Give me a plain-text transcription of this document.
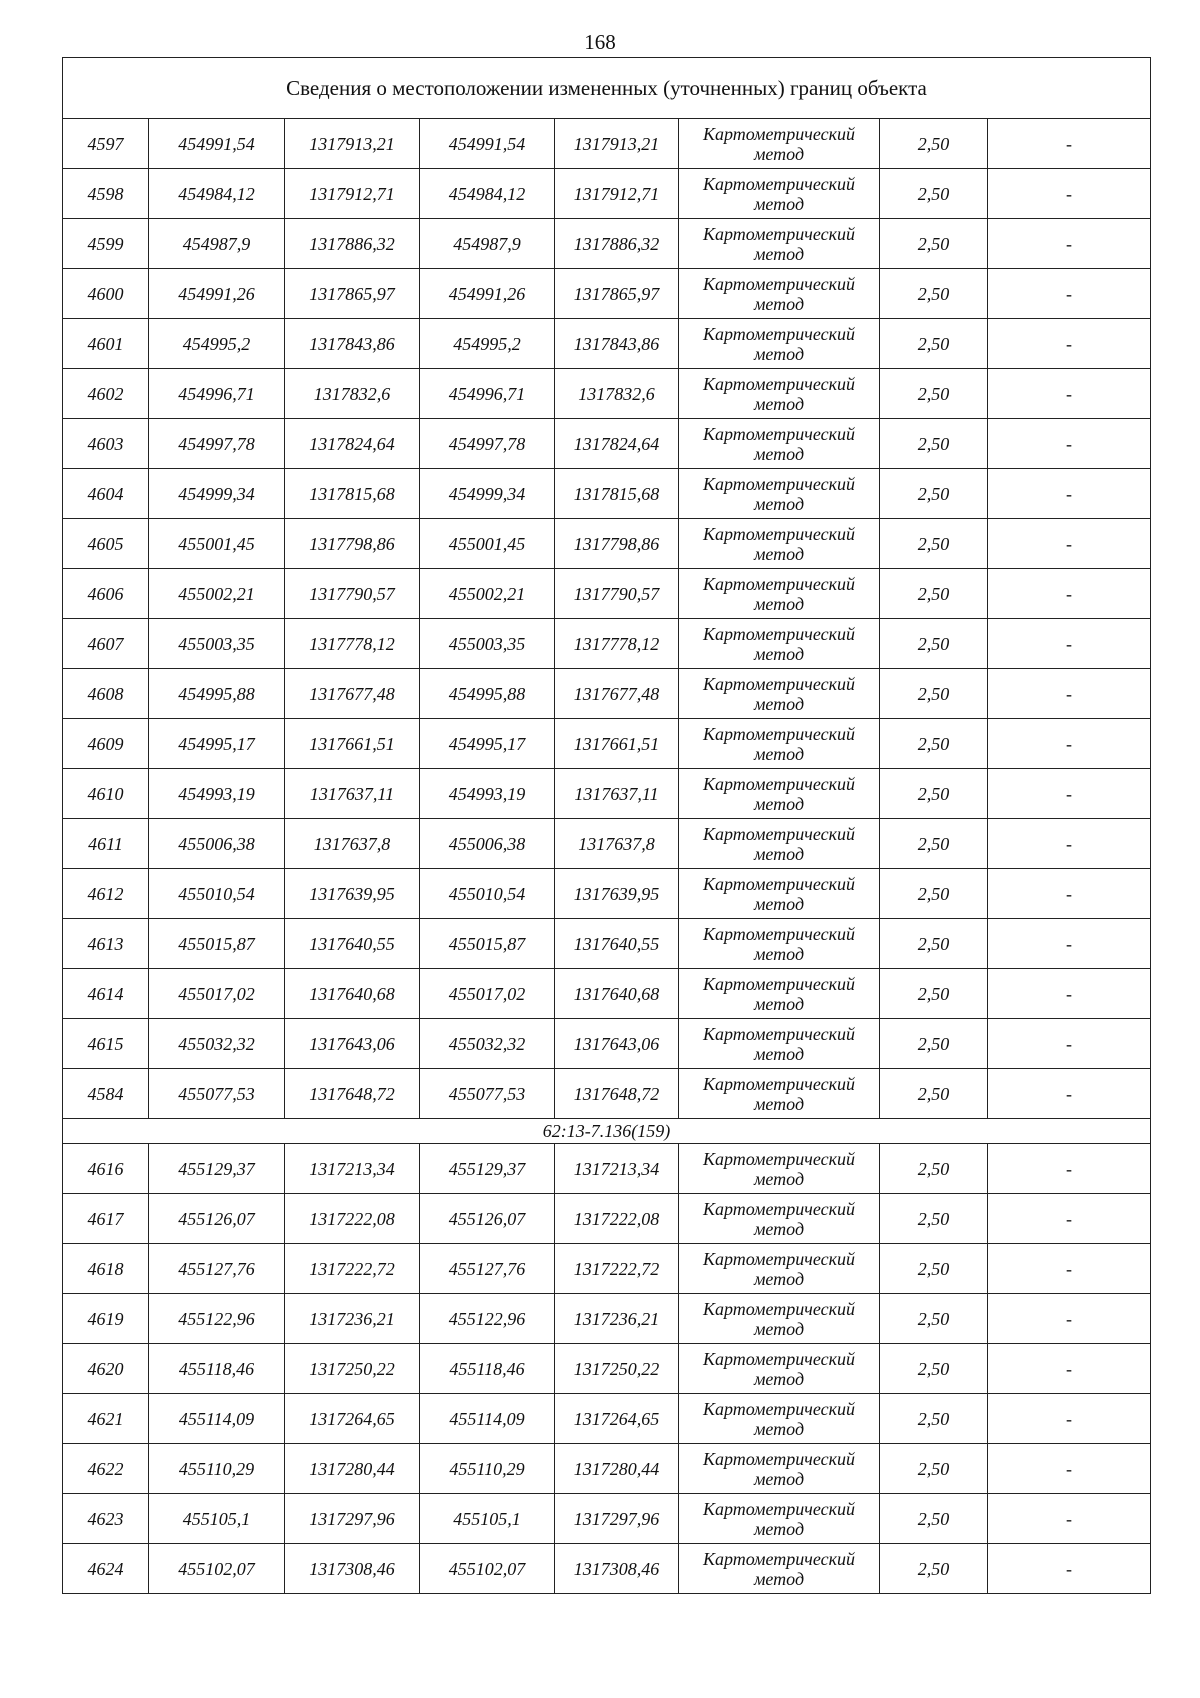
168
Сведения о местоположении измененных (уточненных) границ объекта							
4597	454991,54	1317913,21	454991,54	1317913,21	Картометрический
метод	2,50	-
4598	454984,12	1317912,71	454984,12	1317912,71	Картометрический
метод	2,50	-
4599	454987,9	1317886,32	454987,9	1317886,32	Картометрический
метод	2,50	-
4600	454991,26	1317865,97	454991,26	1317865,97	Картометрический
метод	2,50	-
4601	454995,2	1317843,86	454995,2	1317843,86	Картометрический
метод	2,50	-
4602	454996,71	1317832,6	454996,71	1317832,6	Картометрический
метод	2,50	-
4603	454997,78	1317824,64	454997,78	1317824,64	Картометрический
метод	2,50	-
4604	454999,34	1317815,68	454999,34	1317815,68	Картометрический
метод	2,50	-
4605	455001,45	1317798,86	455001,45	1317798,86	Картометрический
метод	2,50	-
4606	455002,21	1317790,57	455002,21	1317790,57	Картометрический
метод	2,50	-
4607	455003,35	1317778,12	455003,35	1317778,12	Картометрический
метод	2,50	-
4608	454995,88	1317677,48	454995,88	1317677,48	Картометрический
метод	2,50	-
4609	454995,17	1317661,51	454995,17	1317661,51	Картометрический
метод	2,50	-
4610	454993,19	1317637,11	454993,19	1317637,11	Картометрический
метод	2,50	-
4611	455006,38	1317637,8	455006,38	1317637,8	Картометрический
метод	2,50	-
4612	455010,54	1317639,95	455010,54	1317639,95	Картометрический
метод	2,50	-
4613	455015,87	1317640,55	455015,87	1317640,55	Картометрический
метод	2,50	-
4614	455017,02	1317640,68	455017,02	1317640,68	Картометрический
метод	2,50	-
4615	455032,32	1317643,06	455032,32	1317643,06	Картометрический
метод	2,50	-
4584	455077,53	1317648,72	455077,53	1317648,72	Картометрический
метод	2,50	-
62:13-7.136(159)							
4616	455129,37	1317213,34	455129,37	1317213,34	Картометрический
метод	2,50	-
4617	455126,07	1317222,08	455126,07	1317222,08	Картометрический
метод	2,50	-
4618	455127,76	1317222,72	455127,76	1317222,72	Картометрический
метод	2,50	-
4619	455122,96	1317236,21	455122,96	1317236,21	Картометрический
метод	2,50	-
4620	455118,46	1317250,22	455118,46	1317250,22	Картометрический
метод	2,50	-
4621	455114,09	1317264,65	455114,09	1317264,65	Картометрический
метод	2,50	-
4622	455110,29	1317280,44	455110,29	1317280,44	Картометрический
метод	2,50	-
4623	455105,1	1317297,96	455105,1	1317297,96	Картометрический
метод	2,50	-
4624	455102,07	1317308,46	455102,07	1317308,46	Картометрический
метод	2,50	-
